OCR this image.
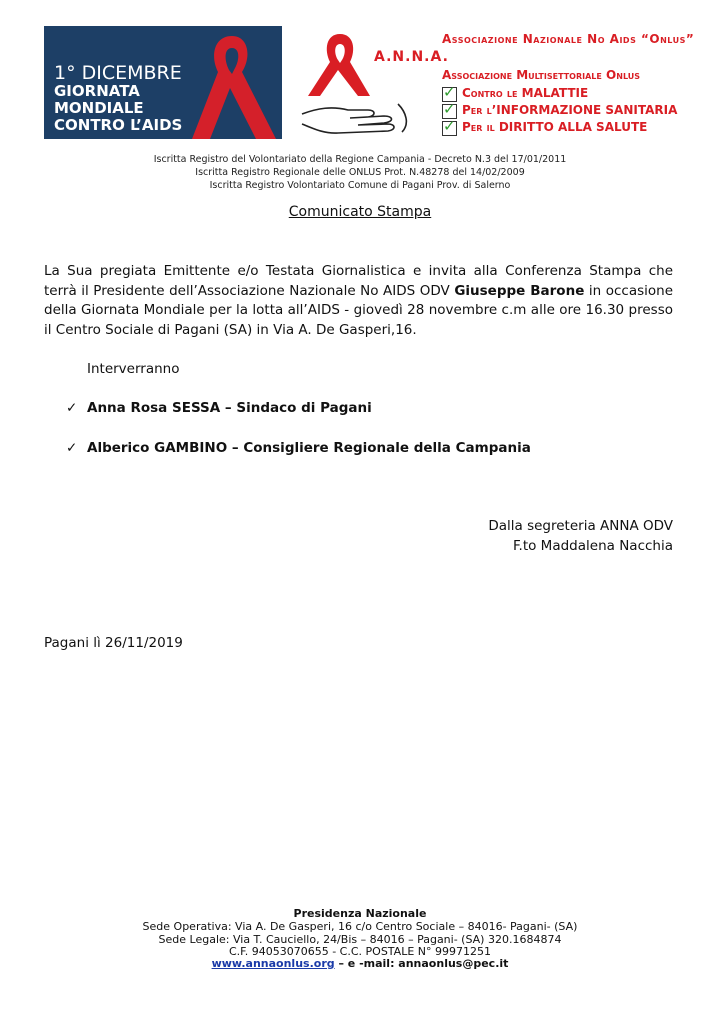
1° DICEMBRE
GIORNATA
MONDIALE
CONTRO L’AIDS
Associazione Nazionale No Aids “Onlus”
A.N.N.A.
Associazione Multisettoriale Onlus
✓ Contro le MALATTIE
✓ Per l’INFORMAZIONE SANITARIA
✓ Per il DIRITTO ALLA SALUTE
Iscritta Registro del Volontariato della Regione Campania - Decreto N.3 del 17/01/2011
Iscritta Registro Regionale delle ONLUS Prot. N.48278 del 14/02/2009
Iscritta Registro Volontariato Comune di Pagani Prov. di Salerno
Comunicato Stampa
La Sua pregiata Emittente e/o Testata Giornalistica e invita alla Conferenza Stampa che terrà il Presidente dell’Associazione Nazionale No AIDS ODV Giuseppe Barone in occasione della Giornata Mondiale per la lotta all’AIDS - giovedì 28 novembre c.m alle ore 16.30 presso il Centro Sociale di Pagani (SA) in Via A. De Gasperi,16.
Interverranno
✓ Anna Rosa SESSA – Sindaco di Pagani
✓ Alberico GAMBINO – Consigliere Regionale della Campania
Dalla segreteria ANNA ODV
F.to Maddalena Nacchia
Pagani lì 26/11/2019
Presidenza Nazionale
Sede Operativa: Via A. De Gasperi, 16 c/o Centro Sociale – 84016- Pagani- (SA)
Sede Legale: Via T. Cauciello, 24/Bis – 84016 – Pagani- (SA) 320.1684874
C.F. 94053070655 - C.C. POSTALE N° 99971251
www.annaonlus.org – e -mail: annaonlus@pec.it
